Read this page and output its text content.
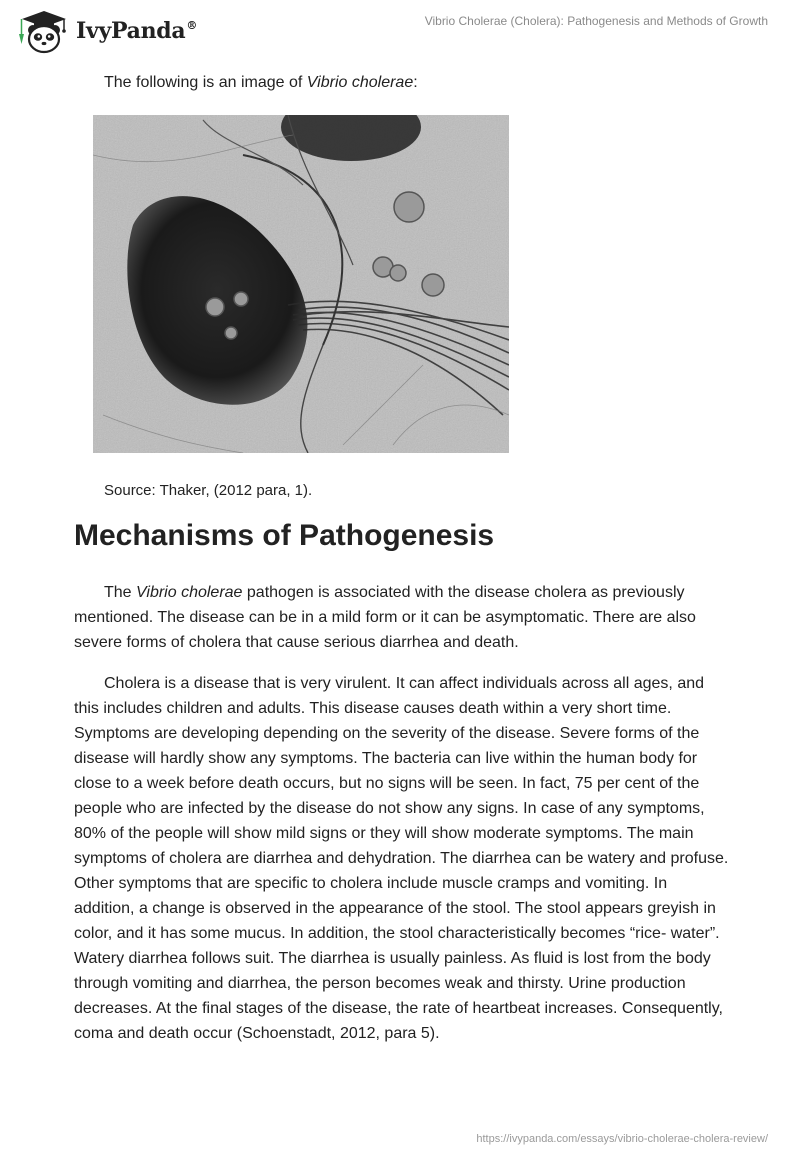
IvyPanda®	Vibrio Cholerae (Cholera): Pathogenesis and Methods of Growth
The following is an image of Vibrio cholerae:
Source: Thaker, (2012 para, 1).
Mechanisms of Pathogenesis

The Vibrio cholerae pathogen is associated with the disease cholera as previously mentioned. The disease can be in a mild form or it can be asymptomatic. There are also severe forms of cholera that cause serious diarrhea and death.

Cholera is a disease that is very virulent. It can affect individuals across all ages, and this includes children and adults. This disease causes death within a very short time. Symptoms are developing depending on the severity of the disease. Severe forms of the disease will hardly show any symptoms. The bacteria can live within the human body for close to a week before death occurs, but no signs will be seen. In fact, 75 per cent of the people who are infected by the disease do not show any signs. In case of any symptoms, 80% of the people will show mild signs or they will show moderate symptoms. The main symptoms of cholera are diarrhea and dehydration. The diarrhea can be watery and profuse. Other symptoms that are specific to cholera include muscle cramps and vomiting. In addition, a change is observed in the appearance of the stool. The stool appears greyish in color, and it has some mucus. In addition, the stool characteristically becomes “rice- water”. Watery diarrhea follows suit. The diarrhea is usually painless. As fluid is lost from the body through vomiting and diarrhea, the person becomes weak and thirsty. Urine production decreases. At the final stages of the disease, the rate of heartbeat increases. Consequently, coma and death occur (Schoenstadt, 2012, para 5).

https://ivypanda.com/essays/vibrio-cholerae-cholera-review/
